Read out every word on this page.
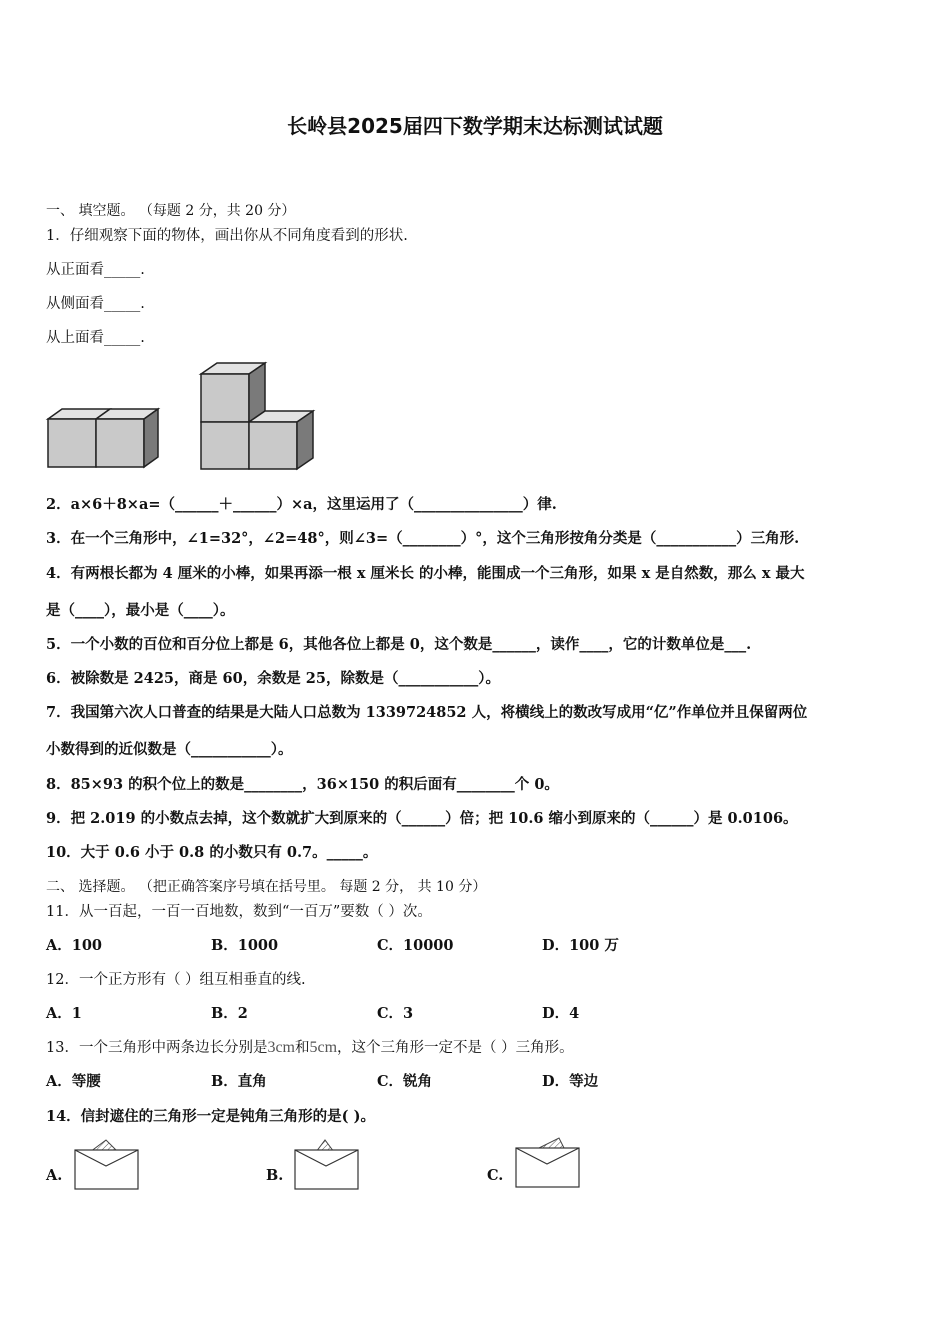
长岭县2025届四下数学期末达标测试试题
一、 填空题。 （每题 2 分，共 20 分）
1．仔细观察下面的物体，画出你从不同角度看到的形状.
从正面看_____.
从侧面看_____.
从上面看_____.
2．a×6＋8×a=（______＋______）×a，这里运用了（_______________）律.
3．在一个三角形中，∠1=32°，∠2=48°，则∠3=（________）°，这个三角形按角分类是（___________）三角形.
4．有两根长都为 4 厘米的小棒，如果再添一根 x 厘米长 的小棒，能围成一个三角形，如果 x 是自然数，那么 x 最大
是（____），最小是（____）。
5．一个小数的百位和百分位上都是 6，其他各位上都是 0，这个数是______，读作____，它的计数单位是___.
6．被除数是 2425，商是 60，余数是 25，除数是（___________）。
7．我国第六次人口普查的结果是大陆人口总数为 1339724852 人，将横线上的数改写成用“亿”作单位并且保留两位
小数得到的近似数是（___________）。
8．85×93 的积个位上的数是________，36×150 的积后面有________个 0。
9．把 2.019 的小数点去掉，这个数就扩大到原来的（______）倍；把 10.6 缩小到原来的（______）是 0.0106。
10．大于 0.6 小于 0.8 的小数只有 0.7。_____。
二、 选择题。 （把正确答案序号填在括号里。 每题 2 分， 共 10 分）
11．从一百起，一百一百地数，数到“一百万”要数（ ）次。
A．100	B．1000	C．10000	D．100 万
12．一个正方形有（ ）组互相垂直的线.
A．1	B．2	C．3	D．4
13．一个三角形中两条边长分别是3cm和5cm，这个三角形一定不是（ ）三角形。
A．等腰	B．直角	C．锐角	D．等边
14．信封遮住的三角形一定是钝角三角形的是( )。
A.	B.	C.
